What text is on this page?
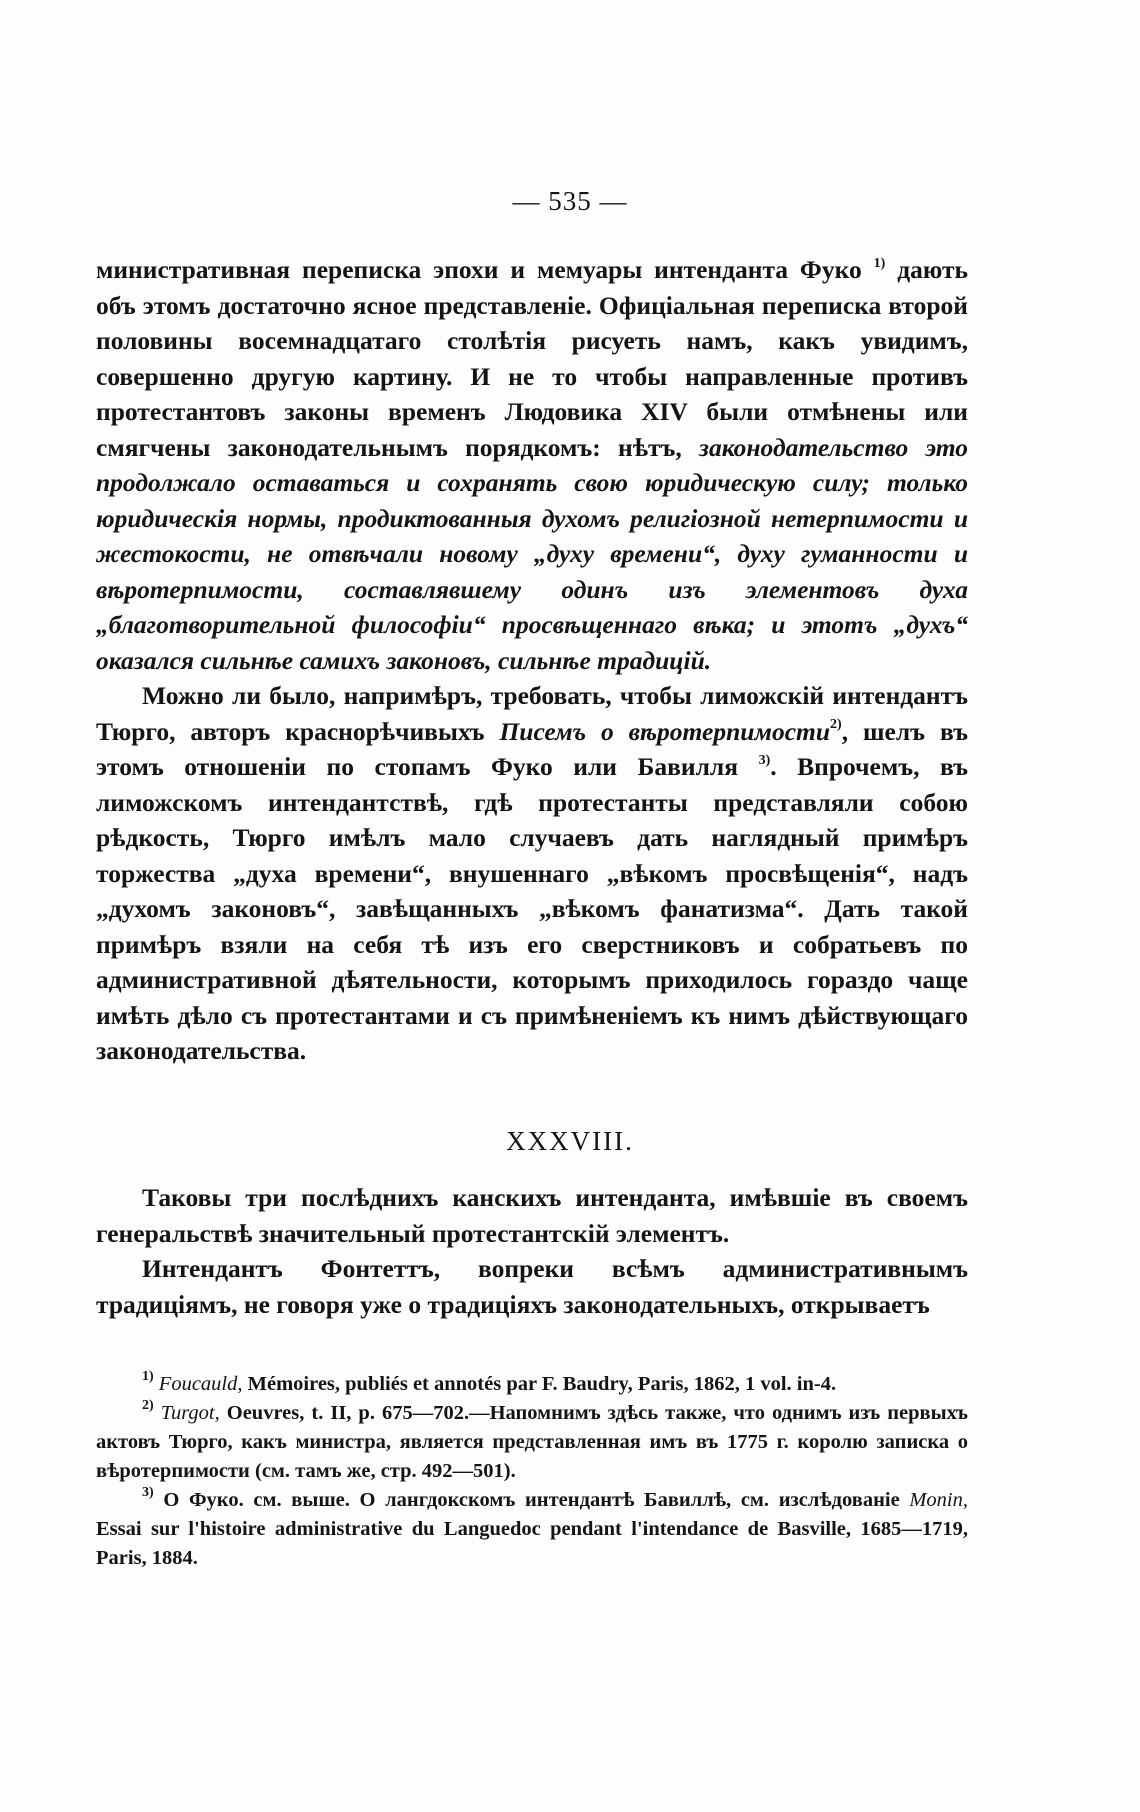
— 535 —

министративная переписка эпохи и мемуары интенданта Фуко $^{1)}$ дають объ этомъ достаточно ясное представленіе. Офиціальная переписка второй половины восемнадцатаго столѣтія рисуеть намъ, какъ увидимъ, совершенно другую картину. И не то чтобы направленные противъ протестантовъ законы временъ Людовика XIV были отмѣнены или смягчены законодательнымъ порядкомъ: нѣтъ, законодательство это продолжало оставаться и сохранять свою юридическую силу; только юридическія нормы, продиктованныя духомъ религіозной нетерпимости и жестокости, не отвѣчали новому „духу времени“, духу гуманности и вѣротерпимости, составлявшему одинъ изъ элементовъ духа „благотворительной философіи“ просвѣщеннаго вѣка; и этотъ „духъ“ оказался сильнѣе самихъ законовъ, сильнѣе традицій.

Можно ли было, напримѣръ, требовать, чтобы лиможскій интендантъ Тюрго, авторъ краснорѣчивыхъ Писемъ о вѣротерпимости$^{2)}$, шелъ въ этомъ отношеніи по стопамъ Фуко или Бавилля $^{3)}$. Впрочемъ, въ лиможскомъ интендантствѣ, гдѣ протестанты представляли собою рѣдкость, Тюрго имѣлъ мало случаевъ дать наглядный примѣръ торжества „духа времени“, внушеннаго „вѣкомъ просвѣщенія“, надъ „духомъ законовъ“, завѣщанныхъ „вѣкомъ фанатизма“. Дать такой примѣръ взяли на себя тѣ изъ его сверстниковъ и собратьевъ по административной дѣятельности, которымъ приходилось гораздо чаще имѣть дѣло съ протестантами и съ примѣненіемъ къ нимъ дѣйствующаго законодательства.

XXXVIII.

Таковы три послѣднихъ канскихъ интенданта, имѣвшіе въ своемъ генеральствѣ значительный протестантскій элементъ.

Интендантъ Фонтеттъ, вопреки всѣмъ административнымъ традиціямъ, не говоря уже о традиціяхъ законодательныхъ, открываетъ

$^{1)}$ Foucauld, Mémoires, publiés et annotés par F. Baudry, Paris, 1862, 1 vol. in-4.

$^{2)}$ Turgot, Oeuvres, t. II, p. 675—702.—Напомнимъ здѣсь также, что однимъ изъ первыхъ актовъ Тюрго, какъ министра, является представленная имъ въ 1775 г. королю записка о вѣротерпимости (см. тамъ же, стр. 492—501).

$^{3)}$ О Фуко. см. выше. О лангдокскомъ интендантѣ Бавиллѣ, см. изслѣдованіе Monin, Essai sur l'histoire administrative du Languedoc pendant l'intendance de Basville, 1685—1719, Paris, 1884.
